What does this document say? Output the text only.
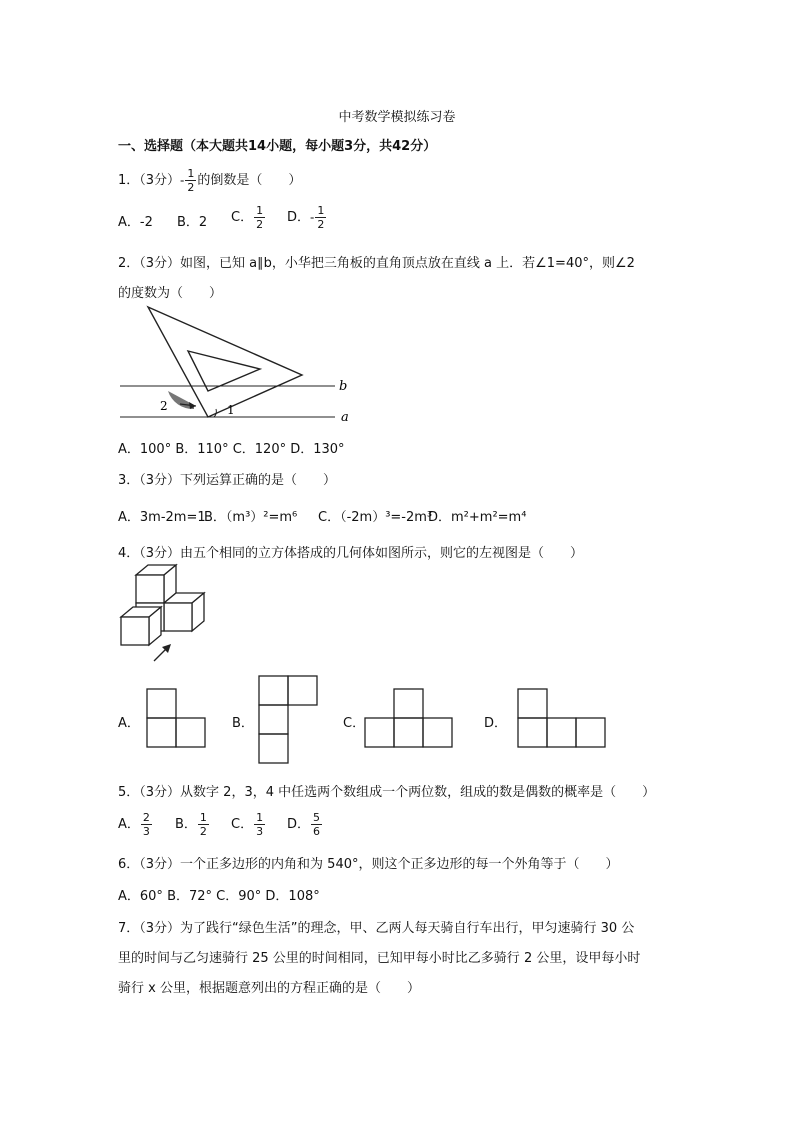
中考数学模拟练习卷
一、选择题（本大题共14小题，每小题3分，共42分）
1．（3分）- $\frac{1}{2}$ 的倒数是（　　）
A．-2 B．2 C． $\frac{1}{2}$ D．- $\frac{1}{2}$
2．（3分）如图，已知 a∥b，小华把三角板的直角顶点放在直线 a 上．若∠1=40°，则∠2
的度数为（　　）
b
a
1
2
A．100° B．110° C．120° D．130°
3．（3分）下列运算正确的是（　　）
A．3m-2m=1
B．（m³）²=m⁶ C．（-2m）³=-2m³
D．m²+m²=m⁴
4．（3分）由五个相同的立方体搭成的几何体如图所示，则它的左视图是（　　）
A．	B．	C．	D．
5．（3分）从数字 2，3，4 中任选两个数组成一个两位数，组成的数是偶数的概率是（　　）
A． $\frac{2}{3}$ B． $\frac{1}{2}$ C． $\frac{1}{3}$ D． $\frac{5}{6}$
6．（3分）一个正多边形的内角和为 540°，则这个正多边形的每一个外角等于（　　）
A．60° B．72° C．90° D．108°
7．（3分）为了践行“绿色生活”的理念，甲、乙两人每天骑自行车出行，甲匀速骑行 30 公
里的时间与乙匀速骑行 25 公里的时间相同，已知甲每小时比乙多骑行 2 公里，设甲每小时
骑行 x 公里，根据题意列出的方程正确的是（　　）
